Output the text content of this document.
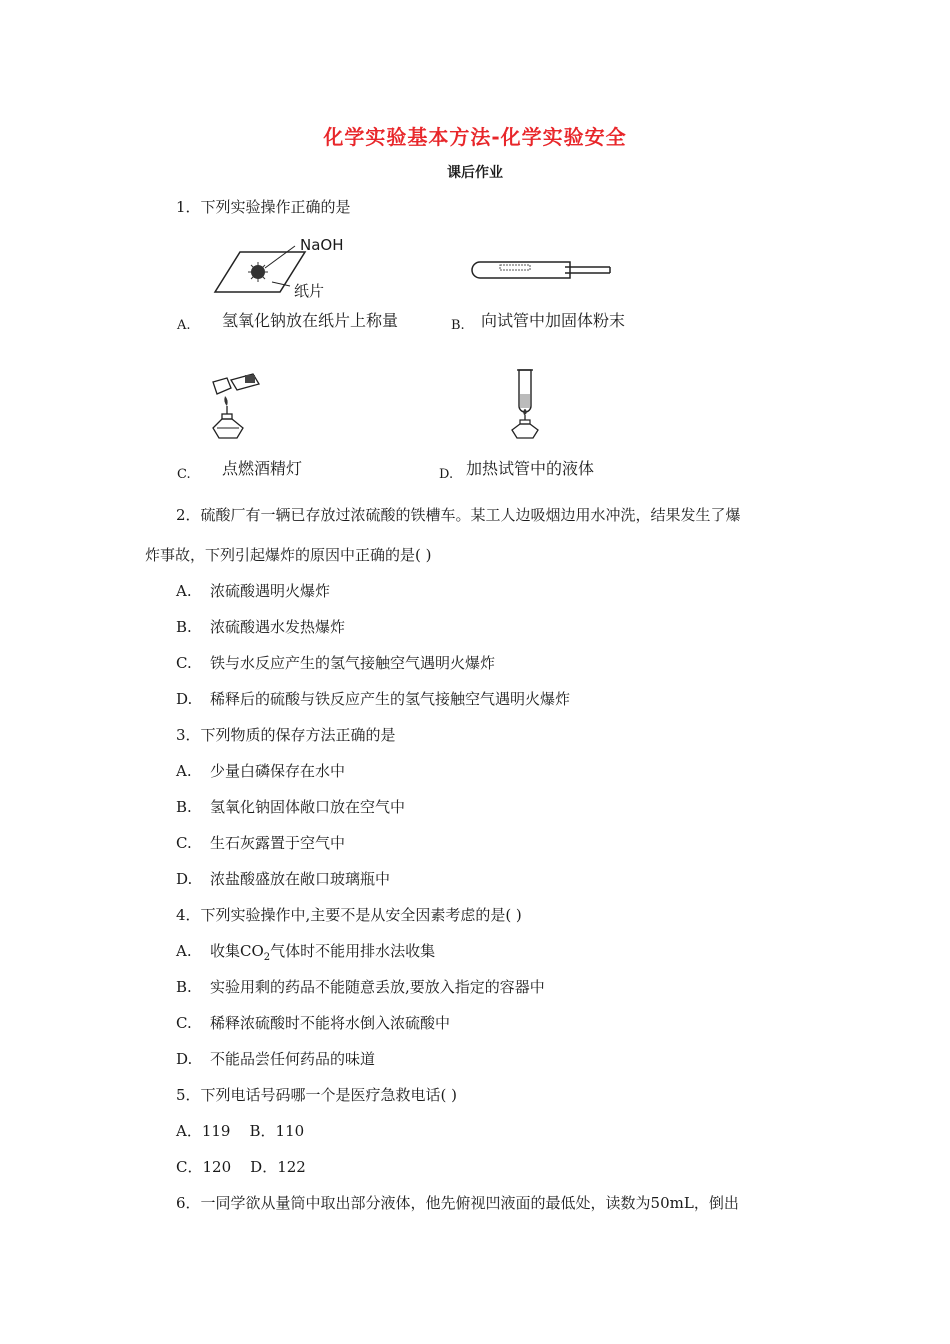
化学实验基本方法-化学实验安全
课后作业
1．下列实验操作正确的是
NaOH
纸片
A. 氢氧化钠放在纸片上称量	B. 向试管中加固体粉末
C. 点燃酒精灯	D. 加热试管中的液体
2．硫酸厂有一辆已存放过浓硫酸的铁槽车。某工人边吸烟边用水冲洗，结果发生了爆
炸事故，下列引起爆炸的原因中正确的是( )
A. 浓硫酸遇明火爆炸
B. 浓硫酸遇水发热爆炸
C. 铁与水反应产生的氢气接触空气遇明火爆炸
D. 稀释后的硫酸与铁反应产生的氢气接触空气遇明火爆炸
3．下列物质的保存方法正确的是
A. 少量白磷保存在水中
B. 氢氧化钠固体敞口放在空气中
C. 生石灰露置于空气中
D. 浓盐酸盛放在敞口玻璃瓶中
4．下列实验操作中,主要不是从安全因素考虑的是( )
A. 收集$CO_2$气体时不能用排水法收集
B. 实验用剩的药品不能随意丢放,要放入指定的容器中
C. 稀释浓硫酸时不能将水倒入浓硫酸中
D. 不能品尝任何药品的味道
5．下列电话号码哪一个是医疗急救电话( )
A．119    B．110
C．120    D．122
6．一同学欲从量筒中取出部分液体，他先俯视凹液面的最低处，读数为50mL，倒出
